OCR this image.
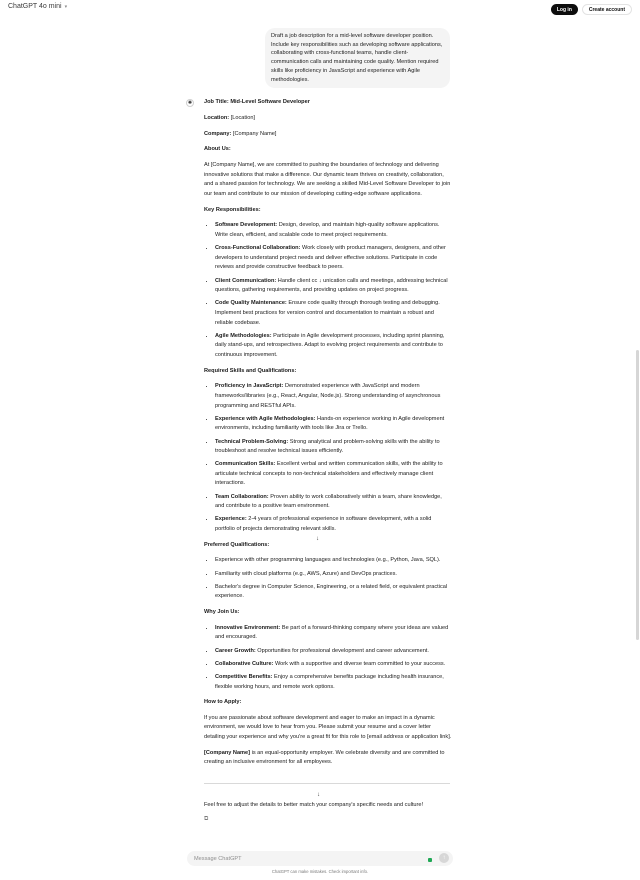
ChatGPT 4o mini ▾	Log in	Create account
Draft a job description for a mid-level software developer position. Include key responsibilities such as developing software applications, collaborating with cross-functional teams, handle client-communication calls and maintaining code quality. Mention required skills like proficiency in JavaScript and experience with Agile methodologies.
✺	Job Title: Mid-Level Software Developer

Location: [Location]

Company: [Company Name]

About Us:

At [Company Name], we are committed to pushing the boundaries of technology and delivering innovative solutions that make a difference. Our dynamic team thrives on creativity, collaboration, and a shared passion for technology. We are seeking a skilled Mid-Level Software Developer to join our team and contribute to our mission of developing cutting-edge software applications.

Key Responsibilities:

• Software Development: Design, develop, and maintain high-quality software applications. Write clean, efficient, and scalable code to meet project requirements.
• Cross-Functional Collaboration: Work closely with product managers, designers, and other developers to understand project needs and deliver effective solutions. Participate in code reviews and provide constructive feedback to peers.
• Client Communication: Handle client cc ↓ unication calls and meetings, addressing technical questions, gathering requirements, and providing updates on project progress.
• Code Quality Maintenance: Ensure code quality through thorough testing and debugging. Implement best practices for version control and documentation to maintain a robust and reliable codebase.
• Agile Methodologies: Participate in Agile development processes, including sprint planning, daily stand-ups, and retrospectives. Adapt to evolving project requirements and contribute to continuous improvement.

Required Skills and Qualifications:

• Proficiency in JavaScript: Demonstrated experience with JavaScript and modern frameworks/libraries (e.g., React, Angular, Node.js). Strong understanding of asynchronous programming and RESTful APIs.
• Experience with Agile Methodologies: Hands-on experience working in Agile development environments, including familiarity with tools like Jira or Trello.
• Technical Problem-Solving: Strong analytical and problem-solving skills with the ability to troubleshoot and resolve technical issues efficiently.
• Communication Skills: Excellent verbal and written communication skills, with the ability to articulate technical concepts to non-technical stakeholders and effectively manage client interactions.
• Team Collaboration: Proven ability to work collaboratively within a team, share knowledge, and contribute to a positive team environment.
• Experience: 2-4 years of professional experience in software development, with a solid portfolio of projects demonstrating relevant skills.

Preferred Qualifications:

• Experience with other programming languages and technologies (e.g., Python, Java, SQL).
• Familiarity with cloud platforms (e.g., AWS, Azure) and DevOps practices.
• Bachelor's degree in Computer Science, Engineering, or a related field, or equivalent practical experience.

Why Join Us:

• Innovative Environment: Be part of a forward-thinking company where your ideas are valued and encouraged.
• Career Growth: Opportunities for professional development and career advancement.
• Collaborative Culture: Work with a supportive and diverse team committed to your success.
• Competitive Benefits: Enjoy a comprehensive benefits package including health insurance, flexible working hours, and remote work options.

How to Apply:

If you are passionate about software development and eager to make an impact in a dynamic environment, we would love to hear from you. Please submit your resume and a cover letter detailing your experience and why you're a great fit for this role to [email address or application link].

[Company Name] is an equal-opportunity employer. We celebrate diversity and are committed to creating an inclusive environment for all employees.

↓
↓
Feel free to adjust the details to better match your company's specific needs and culture!
⧉
Message ChatGPT
↑
ChatGPT can make mistakes. Check important info.
